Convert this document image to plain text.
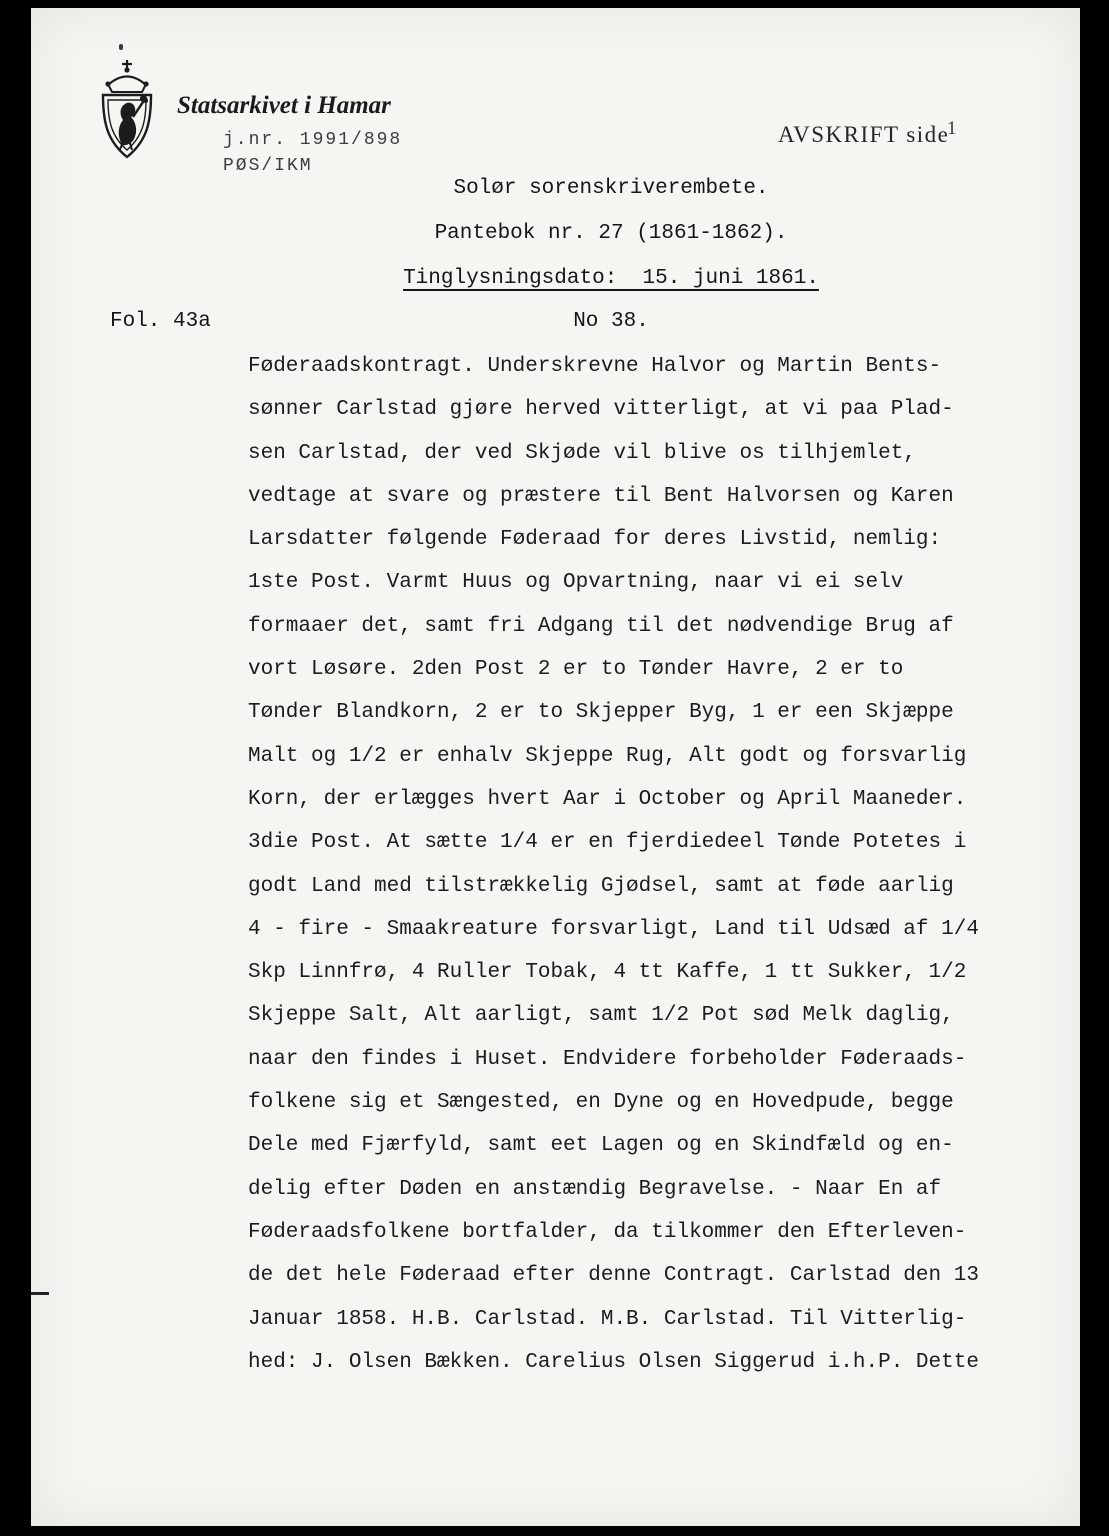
Statsarkivet i Hamar
j.nr. 1991/898
PØS/IKM
AVSKRIFT side
1
Solør sorenskriverembete.
Pantebok nr. 27 (1861-1862).
Tinglysningsdato:  15. juni 1861.
Fol. 43a	No 38.
Føderaadskontragt. Underskrevne Halvor og Martin Bents-
sønner Carlstad gjøre herved vitterligt, at vi paa Plad-
sen Carlstad, der ved Skjøde vil blive os tilhjemlet,
vedtage at svare og præstere til Bent Halvorsen og Karen
Larsdatter følgende Føderaad for deres Livstid, nemlig:
1ste Post. Varmt Huus og Opvartning, naar vi ei selv
formaaer det, samt fri Adgang til det nødvendige Brug af
vort Løsøre. 2den Post 2 er to Tønder Havre, 2 er to
Tønder Blandkorn, 2 er to Skjepper Byg, 1 er een Skjæppe
Malt og 1/2 er enhalv Skjeppe Rug, Alt godt og forsvarlig
Korn, der erlægges hvert Aar i October og April Maaneder.
3die Post. At sætte 1/4 er en fjerdiedeel Tønde Potetes i
godt Land med tilstrækkelig Gjødsel, samt at føde aarlig
4 - fire - Smaakreature forsvarligt, Land til Udsæd af 1/4
Skp Linnfrø, 4 Ruller Tobak, 4 tt Kaffe, 1 tt Sukker, 1/2
Skjeppe Salt, Alt aarligt, samt 1/2 Pot sød Melk daglig,
naar den findes i Huset. Endvidere forbeholder Føderaads-
folkene sig et Sængested, en Dyne og en Hovedpude, begge
Dele med Fjærfyld, samt eet Lagen og en Skindfæld og en-
delig efter Døden en anstændig Begravelse. - Naar En af
Føderaadsfolkene bortfalder, da tilkommer den Efterleven-
de det hele Føderaad efter denne Contragt. Carlstad den 13
Januar 1858. H.B. Carlstad. M.B. Carlstad. Til Vitterlig-
hed: J. Olsen Bækken. Carelius Olsen Siggerud i.h.P. Dette
